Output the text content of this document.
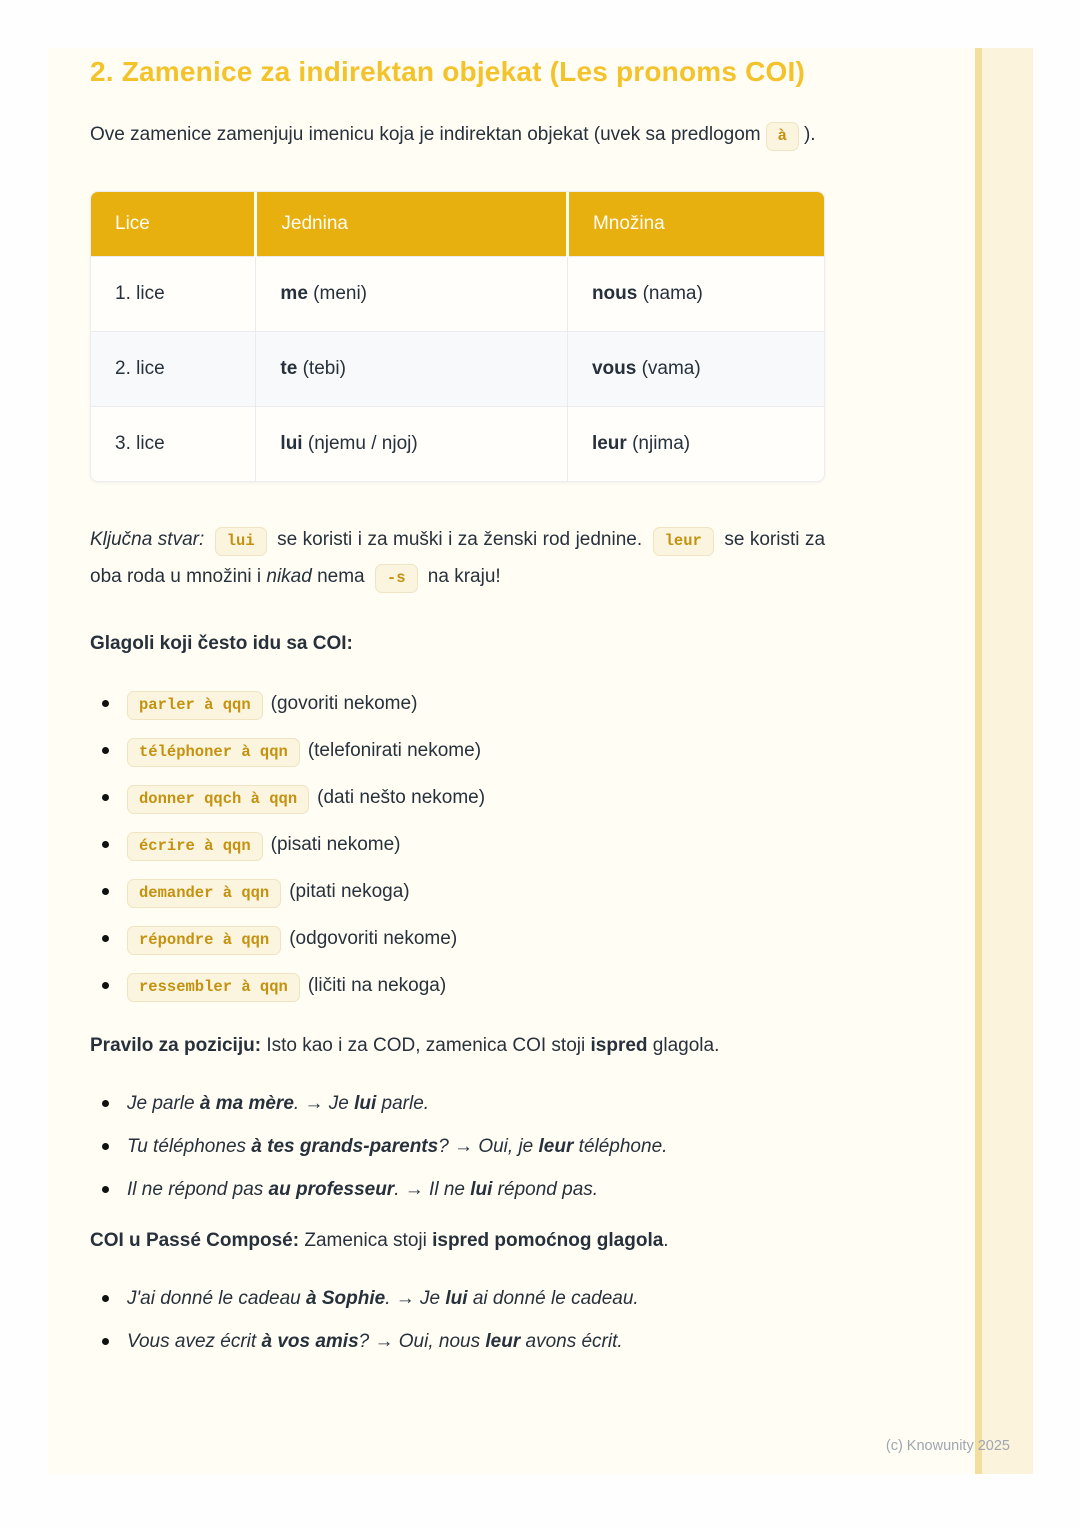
2. Zamenice za indirektan objekat (Les pronoms COI)

Ove zamenice zamenjuju imenicu koja je indirektan objekat (uvek sa predlogom à ).

Lice	Jednina	Množina
1. lice	me (meni)	nous (nama)
2. lice	te (tebi)	vous (vama)
3. lice	lui (njemu / njoj)	leur (njima)

Ključna stvar: lui se koristi i za muški i za ženski rod jednine. leur se koristi za oba roda u množini i nikad nema -s na kraju!

Glagoli koji često idu sa COI:

parler à qqn (govoriti nekome)
téléphoner à qqn (telefonirati nekome)
donner qqch à qqn (dati nešto nekome)
écrire à qqn (pisati nekome)
demander à qqn (pitati nekoga)
répondre à qqn (odgovoriti nekome)
ressembler à qqn (ličiti na nekoga)

Pravilo za poziciju: Isto kao i za COD, zamenica COI stoji ispred glagola.

Je parle à ma mère. → Je lui parle.
Tu téléphones à tes grands-parents? → Oui, je leur téléphone.
Il ne répond pas au professeur. → Il ne lui répond pas.

COI u Passé Composé: Zamenica stoji ispred pomoćnog glagola.

J'ai donné le cadeau à Sophie. → Je lui ai donné le cadeau.
Vous avez écrit à vos amis? → Oui, nous leur avons écrit.
(c) Knowunity 2025
